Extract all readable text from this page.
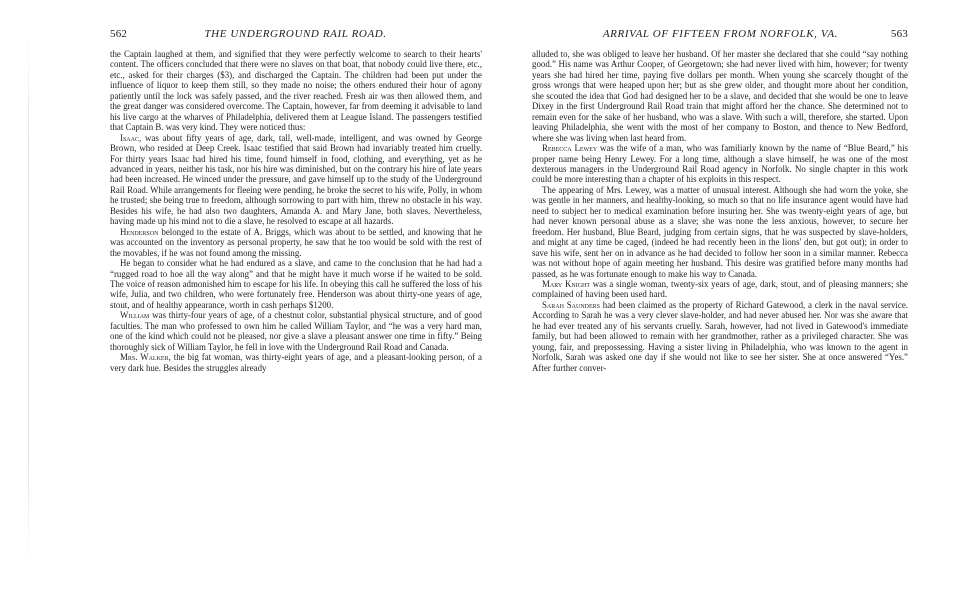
562	THE UNDERGROUND RAIL ROAD.

the Captain laughed at them, and signified that they were perfectly welcome to search to their hearts' content. The officers concluded that there were no slaves on that boat, that nobody could live there, etc., etc., asked for their charges ($3), and discharged the Captain. The children had been put under the influence of liquor to keep them still, so they made no noise; the others endured their hour of agony patiently until the lock was safely passed, and the river reached. Fresh air was then allowed them, and the great danger was considered overcome. The Captain, however, far from deeming it advisable to land his live cargo at the wharves of Philadelphia, delivered them at League Island. The passengers testified that Captain B. was very kind. They were noticed thus:

Isaac, was about fifty years of age, dark, tall, well-made, intelligent, and was owned by George Brown, who resided at Deep Creek. Isaac testified that said Brown had invariably treated him cruelly. For thirty years Isaac had hired his time, found himself in food, clothing, and everything, yet as he advanced in years, neither his task, nor his hire was diminished, but on the contrary his hire of late years had been increased. He winced under the pressure, and gave himself up to the study of the Underground Rail Road. While arrangements for fleeing were pending, he broke the secret to his wife, Polly, in whom he trusted; she being true to freedom, although sorrowing to part with him, threw no obstacle in his way. Besides his wife, he had also two daughters, Amanda A. and Mary Jane, both slaves. Nevertheless, having made up his mind not to die a slave, he resolved to escape at all hazards.

Henderson belonged to the estate of A. Briggs, which was about to be settled, and knowing that he was accounted on the inventory as personal property, he saw that he too would be sold with the rest of the movables, if he was not found among the missing.

He began to consider what he had endured as a slave, and came to the conclusion that he had had a “rugged road to hoe all the way along” and that he might have it much worse if he waited to be sold. The voice of reason admonished him to escape for his life. In obeying this call he suffered the loss of his wife, Julia, and two children, who were fortunately free. Henderson was about thirty-one years of age, stout, and of healthy appearance, worth in cash perhaps $1200.

William was thirty-four years of age, of a chestnut color, substantial physical structure, and of good faculties. The man who professed to own him he called William Taylor, and “he was a very hard man, one of the kind which could not be pleased, nor give a slave a pleasant answer one time in fifty.” Being thoroughly sick of William Taylor, he fell in love with the Underground Rail Road and Canada.

Mrs. Walker, the big fat woman, was thirty-eight years of age, and a pleasant-looking person, of a very dark hue. Besides the struggles already

ARRIVAL OF FIFTEEN FROM NORFOLK, VA.	563

alluded to, she was obliged to leave her husband. Of her master she declared that she could “say nothing good.” His name was Arthur Cooper, of Georgetown; she had never lived with him, however; for twenty years she had hired her time, paying five dollars per month. When young she scarcely thought of the gross wrongs that were heaped upon her; but as she grew older, and thought more about her condition, she scouted the idea that God had designed her to be a slave, and decided that she would be one to leave Dixey in the first Underground Rail Road train that might afford her the chance. She determined not to remain even for the sake of her husband, who was a slave. With such a will, therefore, she started. Upon leaving Philadelphia, she went with the most of her company to Boston, and thence to New Bedford, where she was living when last heard from.

Rebecca Lewey was the wife of a man, who was familiarly known by the name of “Blue Beard,” his proper name being Henry Lewey. For a long time, although a slave himself, he was one of the most dexterous managers in the Underground Rail Road agency in Norfolk. No single chapter in this work could be more interesting than a chapter of his exploits in this respect.

The appearing of Mrs. Lewey, was a matter of unusual interest. Although she had worn the yoke, she was gentle in her manners, and healthy-looking, so much so that no life insurance agent would have had need to subject her to medical examination before insuring her. She was twenty-eight years of age, but had never known personal abuse as a slave; she was none the less anxious, however, to secure her freedom. Her husband, Blue Beard, judging from certain signs, that he was suspected by slave-holders, and might at any time be caged, (indeed he had recently been in the lions' den, but got out); in order to save his wife, sent her on in advance as he had decided to follow her soon in a similar manner. Rebecca was not without hope of again meeting her husband. This desire was gratified before many months had passed, as he was fortunate enough to make his way to Canada.

Mary Knight was a single woman, twenty-six years of age, dark, stout, and of pleasing manners; she complained of having been used hard.

Sarah Saunders had been claimed as the property of Richard Gatewood, a clerk in the naval service. According to Sarah he was a very clever slave-holder, and had never abused her. Nor was she aware that he had ever treated any of his servants cruelly. Sarah, however, had not lived in Gatewood's immediate family, but had been allowed to remain with her grandmother, rather as a privileged character. She was young, fair, and prepossessing. Having a sister living in Philadelphia, who was known to the agent in Norfolk, Sarah was asked one day if she would not like to see her sister. She at once answered “Yes.” After further conver-
